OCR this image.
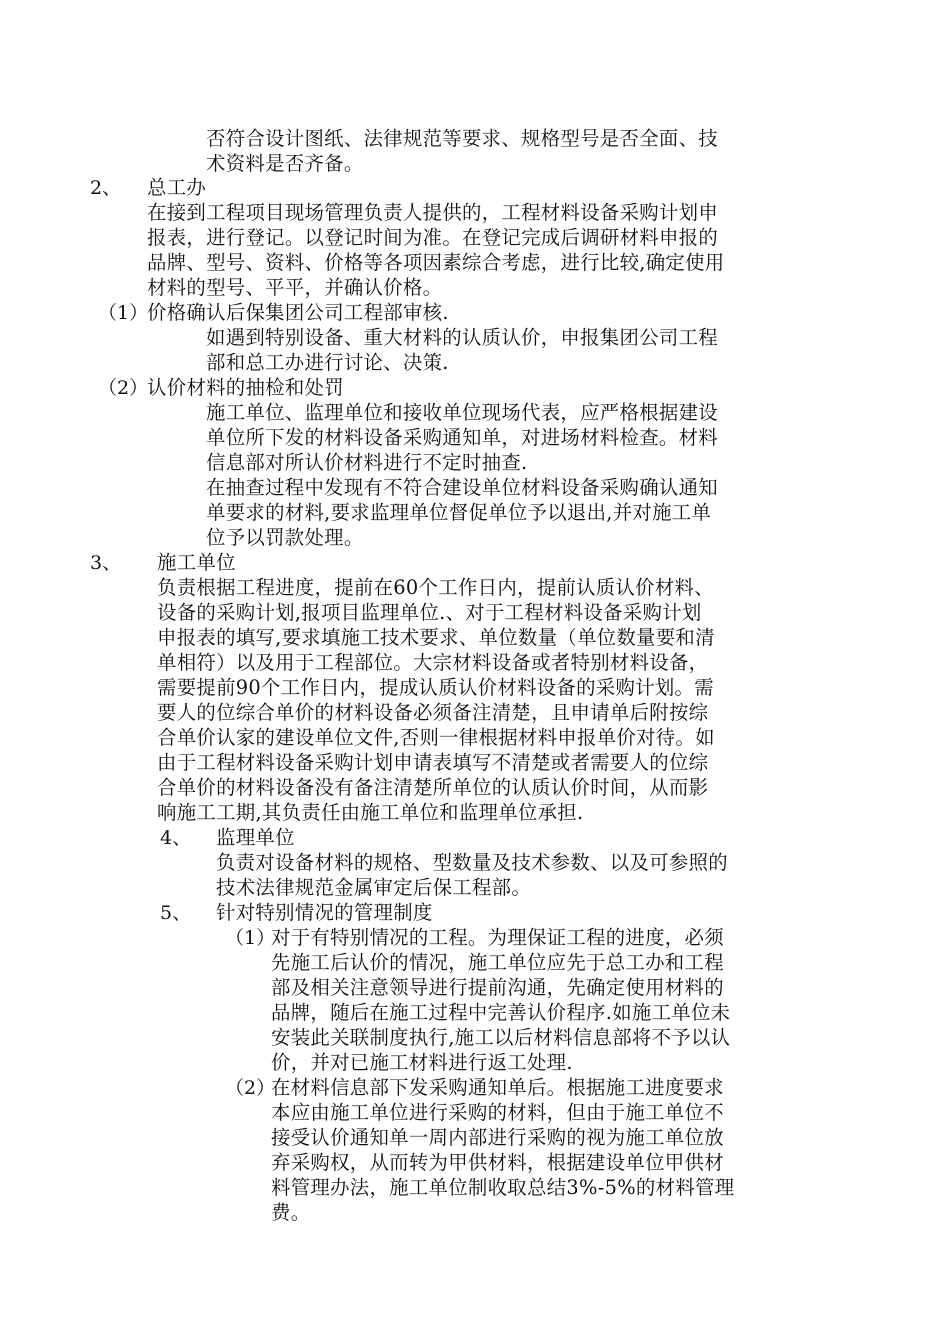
否符合设计图纸、法律规范等要求、规格型号是否全面、技
术资料是否齐备。
2、 总工办
在接到工程项目现场管理负责人提供的，工程材料设备采购计划申
报表，进行登记。以登记时间为准。在登记完成后调研材料申报的
品牌、型号、资料、价格等各项因素综合考虑，进行比较,确定使用
材料的型号、平平，并确认价格。
（1）
价格确认后保集团公司工程部审核.
如遇到特别设备、重大材料的认质认价，申报集团公司工程
部和总工办进行讨论、决策.
（2）
认价材料的抽检和处罚
施工单位、监理单位和接收单位现场代表，应严格根据建设
单位所下发的材料设备采购通知单，对进场材料检查。材料
信息部对所认价材料进行不定时抽查.
在抽查过程中发现有不符合建设单位材料设备采购确认通知
单要求的材料,要求监理单位督促单位予以退出,并对施工单
位予以罚款处理。
3、 施工单位
负责根据工程进度，提前在60个工作日内，提前认质认价材料、
设备的采购计划,报项目监理单位.、对于工程材料设备采购计划
申报表的填写,要求填施工技术要求、单位数量（单位数量要和清
单相符）以及用于工程部位。大宗材料设备或者特别材料设备，
需要提前90个工作日内，提成认质认价材料设备的采购计划。需
要人的位综合单价的材料设备必须备注清楚，且申请单后附按综
合单价认家的建设单位文件,否则一律根据材料申报单价对待。如
由于工程材料设备采购计划申请表填写不清楚或者需要人的位综
合单价的材料设备没有备注清楚所单位的认质认价时间，从而影
响施工工期,其负责任由施工单位和监理单位承担.
4、 监理单位
负责对设备材料的规格、型数量及技术参数、以及可参照的
技术法律规范金属审定后保工程部。
5、 针对特别情况的管理制度
（1）
对于有特别情况的工程。为理保证工程的进度，必须
先施工后认价的情况，施工单位应先于总工办和工程
部及相关注意领导进行提前沟通，先确定使用材料的
品牌，随后在施工过程中完善认价程序.如施工单位未
安装此关联制度执行,施工以后材料信息部将不予以认
价，并对已施工材料进行返工处理.
（2）
在材料信息部下发采购通知单后。根据施工进度要求
本应由施工单位进行采购的材料，但由于施工单位不
接受认价通知单一周内部进行采购的视为施工单位放
弃采购权，从而转为甲供材料，根据建设单位甲供材
料管理办法，施工单位制收取总结3%-5%的材料管理
费。
